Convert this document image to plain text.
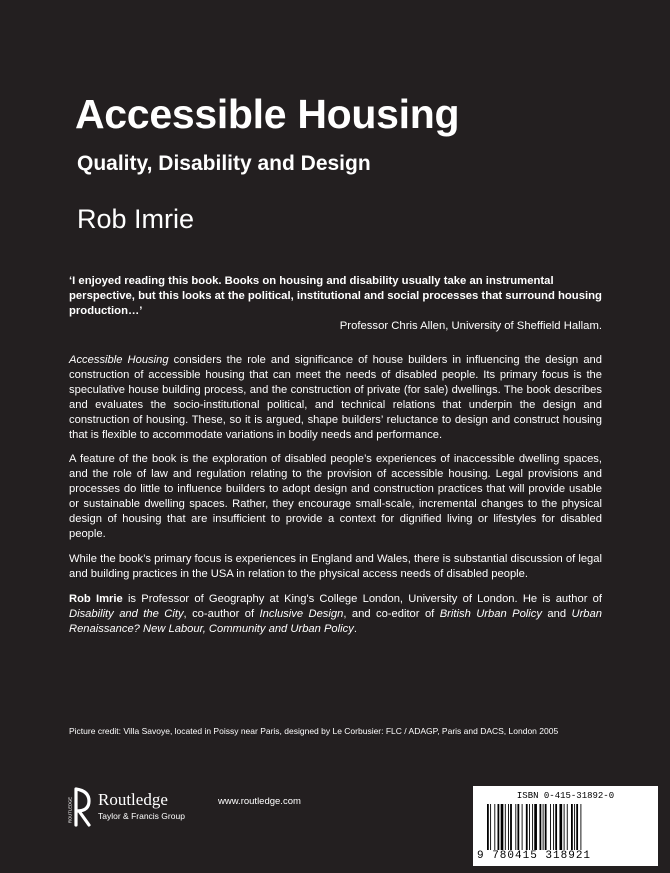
Accessible Housing
Quality, Disability and Design
Rob Imrie

‘I enjoyed reading this book. Books on housing and disability usually take an instrumental perspective, but this looks at the political, institutional and social processes that surround housing production…’

Professor Chris Allen, University of Sheffield Hallam.

Accessible Housing considers the role and significance of house builders in influencing the design and construction of accessible housing that can meet the needs of disabled people. Its primary focus is the speculative house building process, and the construction of private (for sale) dwellings. The book describes and evaluates the socio-institutional political, and technical relations that underpin the design and construction of housing. These, so it is argued, shape builders’ reluctance to design and construct housing that is flexible to accommodate variations in bodily needs and performance.

A feature of the book is the exploration of disabled people’s experiences of inaccessible dwelling spaces, and the role of law and regulation relating to the provision of accessible housing. Legal provisions and processes do little to influence builders to adopt design and construction practices that will provide usable or sustainable dwelling spaces. Rather, they encourage small-scale, incremental changes to the physical design of housing that are insufficient to provide a context for dignified living or lifestyles for disabled people.

While the book’s primary focus is experiences in England and Wales, there is substantial discussion of legal and building practices in the USA in relation to the physical access needs of disabled people.

Rob Imrie is Professor of Geography at King's College London, University of London. He is author of Disability and the City, co-author of Inclusive Design, and co-editor of British Urban Policy and Urban Renaissance? New Labour, Community and Urban Policy.

Picture credit: Villa Savoye, located in Poissy near Paris, designed by Le Corbusier: FLC / ADAGP, Paris and DACS, London 2005
ROUTLEDGE Routledge

Taylor & Francis Group

www.routledge.com	ISBN 0-415-31892-0
9 780415 318921
